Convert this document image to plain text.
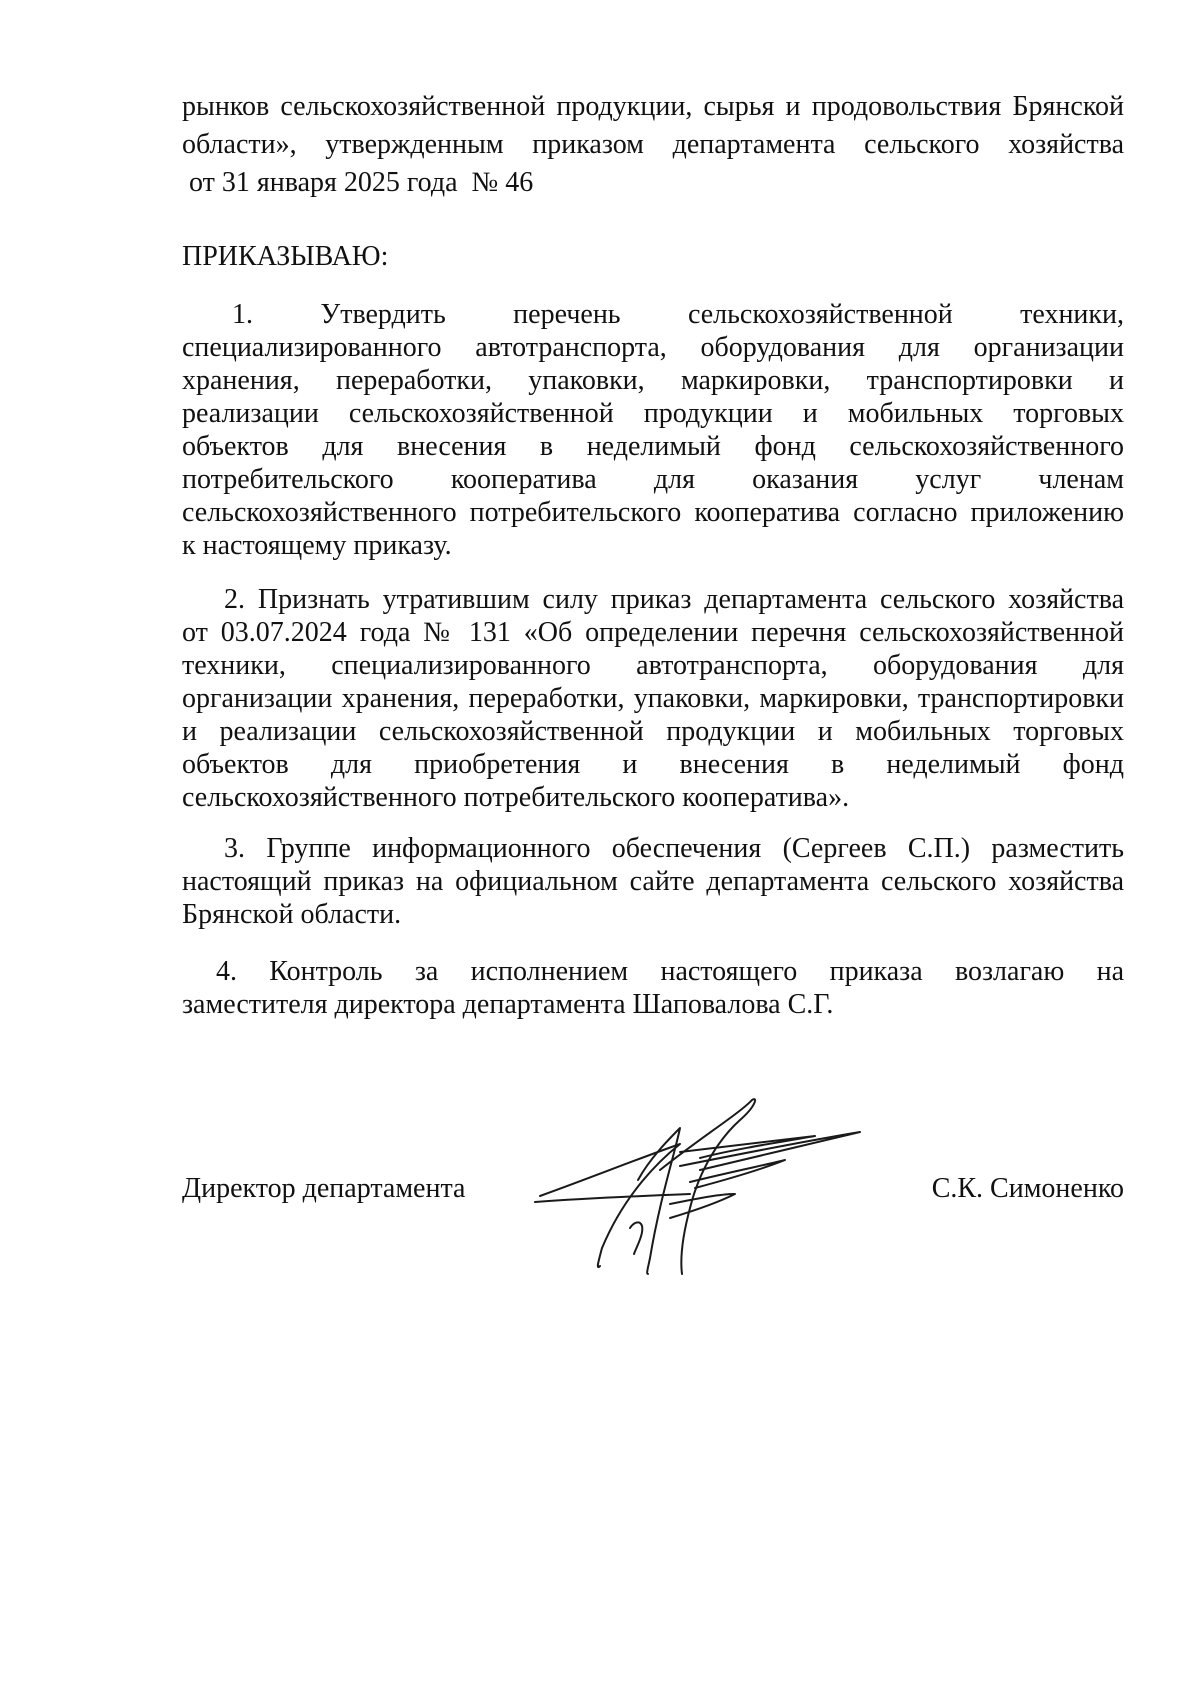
рынков сельскохозяйственной продукции, сырья и продовольствия Брянской
области», утвержденным приказом департамента сельского хозяйства
от 31 января 2025 года  № 46
ПРИКАЗЫВАЮ:
1. Утвердить перечень сельскохозяйственной техники,
специализированного автотранспорта, оборудования для организации
хранения, переработки, упаковки, маркировки, транспортировки и
реализации сельскохозяйственной продукции и мобильных торговых
объектов для внесения в неделимый фонд сельскохозяйственного
потребительского кооператива для оказания услуг членам
сельскохозяйственного потребительского кооператива согласно приложению
к настоящему приказу.
2. Признать утратившим силу приказ департамента сельского хозяйства
от 03.07.2024 года № 131 «Об определении перечня сельскохозяйственной
техники, специализированного автотранспорта, оборудования для
организации хранения, переработки, упаковки, маркировки, транспортировки
и реализации сельскохозяйственной продукции и мобильных торговых
объектов для приобретения и внесения в неделимый фонд
сельскохозяйственного потребительского кооператива».
3. Группе информационного обеспечения (Сергеев С.П.) разместить
настоящий приказ на официальном сайте департамента сельского хозяйства
Брянской области.
4. Контроль за исполнением настоящего приказа возлагаю на
заместителя директора департамента Шаповалова С.Г.
Директор департамента	С.К. Симоненко
